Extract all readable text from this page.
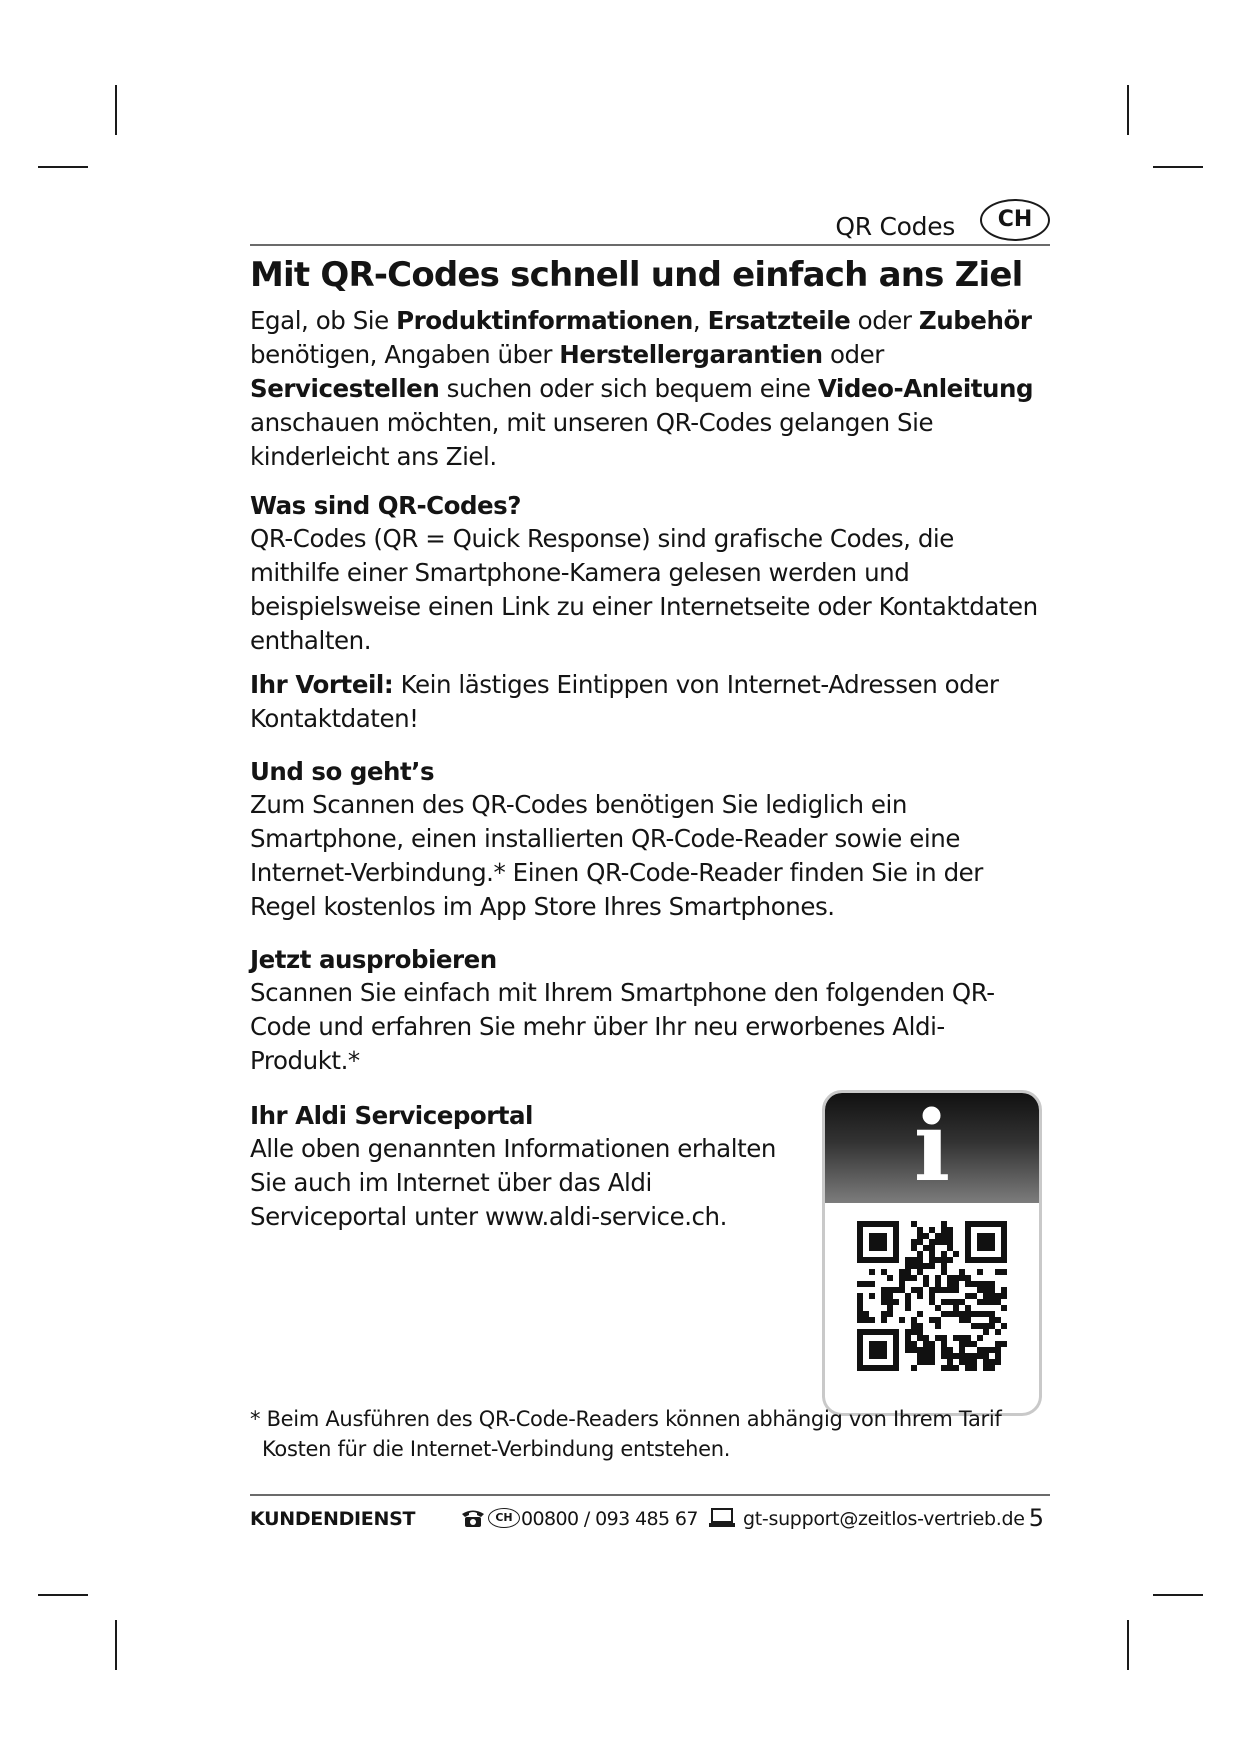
QR Codes	CH
Mit QR-Codes schnell und einfach ans Ziel

Egal, ob Sie Produktinformationen, Ersatzteile oder Zubehör benötigen, Angaben über Herstellergarantien oder Servicestellen suchen oder sich bequem eine Video-Anleitung anschauen möchten, mit unseren QR-Codes gelangen Sie kinderleicht ans Ziel.

Was sind QR-Codes?

QR-Codes (QR = Quick Response) sind grafische Codes, die mithilfe einer Smartphone-Kamera gelesen werden und beispielsweise einen Link zu einer Internetseite oder Kontaktdaten enthalten.

Ihr Vorteil: Kein lästiges Eintippen von Internet-Adressen oder Kontaktdaten!

Und so geht’s

Zum Scannen des QR-Codes benötigen Sie lediglich ein Smartphone, einen installierten QR-Code-Reader sowie eine Internet-Verbindung.* Einen QR-Code-Reader finden Sie in der Regel kostenlos im App Store Ihres Smartphones.

Jetzt ausprobieren

Scannen Sie einfach mit Ihrem Smartphone den folgenden QR-Code und erfahren Sie mehr über Ihr neu erworbenes Aldi-Produkt.*

Ihr Aldi Serviceportal

Alle oben genannten Informationen erhalten Sie auch im Internet über das Aldi Serviceportal unter www.aldi-service.ch.

i
* Beim Ausführen des QR-Code-Readers können abhängig von Ihrem Tarif
Kosten für die Internet-Verbindung entstehen.
KUNDENDIENST	CH 00800 / 093 485 67 gt-support@zeitlos-vertrieb.de 5
